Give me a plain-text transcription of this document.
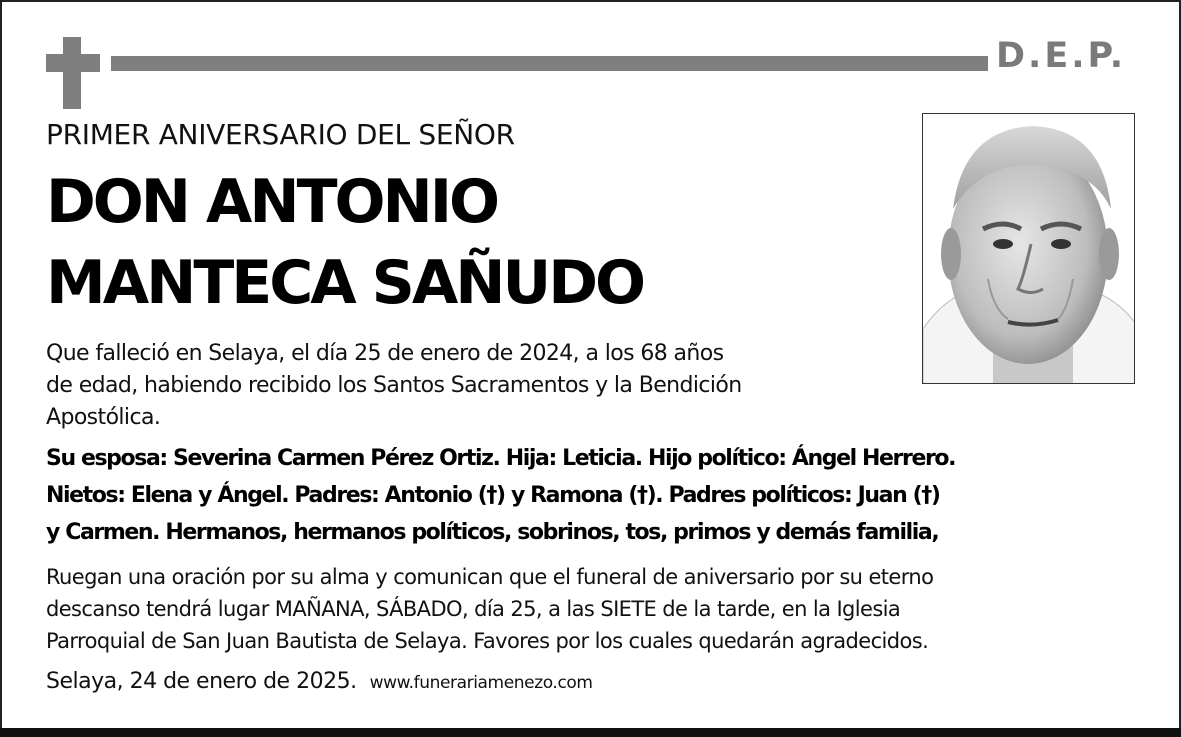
D.E.P.
PRIMER ANIVERSARIO DEL SEÑOR
DON ANTONIO
MANTECA SAÑUDO
Que falleció en Selaya, el día 25 de enero de 2024, a los 68 años
de edad, habiendo recibido los Santos Sacramentos y la Bendición
Apostólica.
Su esposa: Severina Carmen Pérez Ortiz. Hija: Leticia. Hijo político: Ángel Herrero.
Nietos: Elena y Ángel. Padres: Antonio (†) y Ramona (†). Padres políticos: Juan (†)
y Carmen. Hermanos, hermanos políticos, sobrinos, tos, primos y demás familia,
Ruegan una oración por su alma y comunican que el funeral de aniversario por su eterno
descanso tendrá lugar MAÑANA, SÁBADO, día 25, a las SIETE de la tarde, en la Iglesia
Parroquial de San Juan Bautista de Selaya. Favores por los cuales quedarán agradecidos.
Selaya, 24 de enero de 2025. www.funerariamenezo.com
